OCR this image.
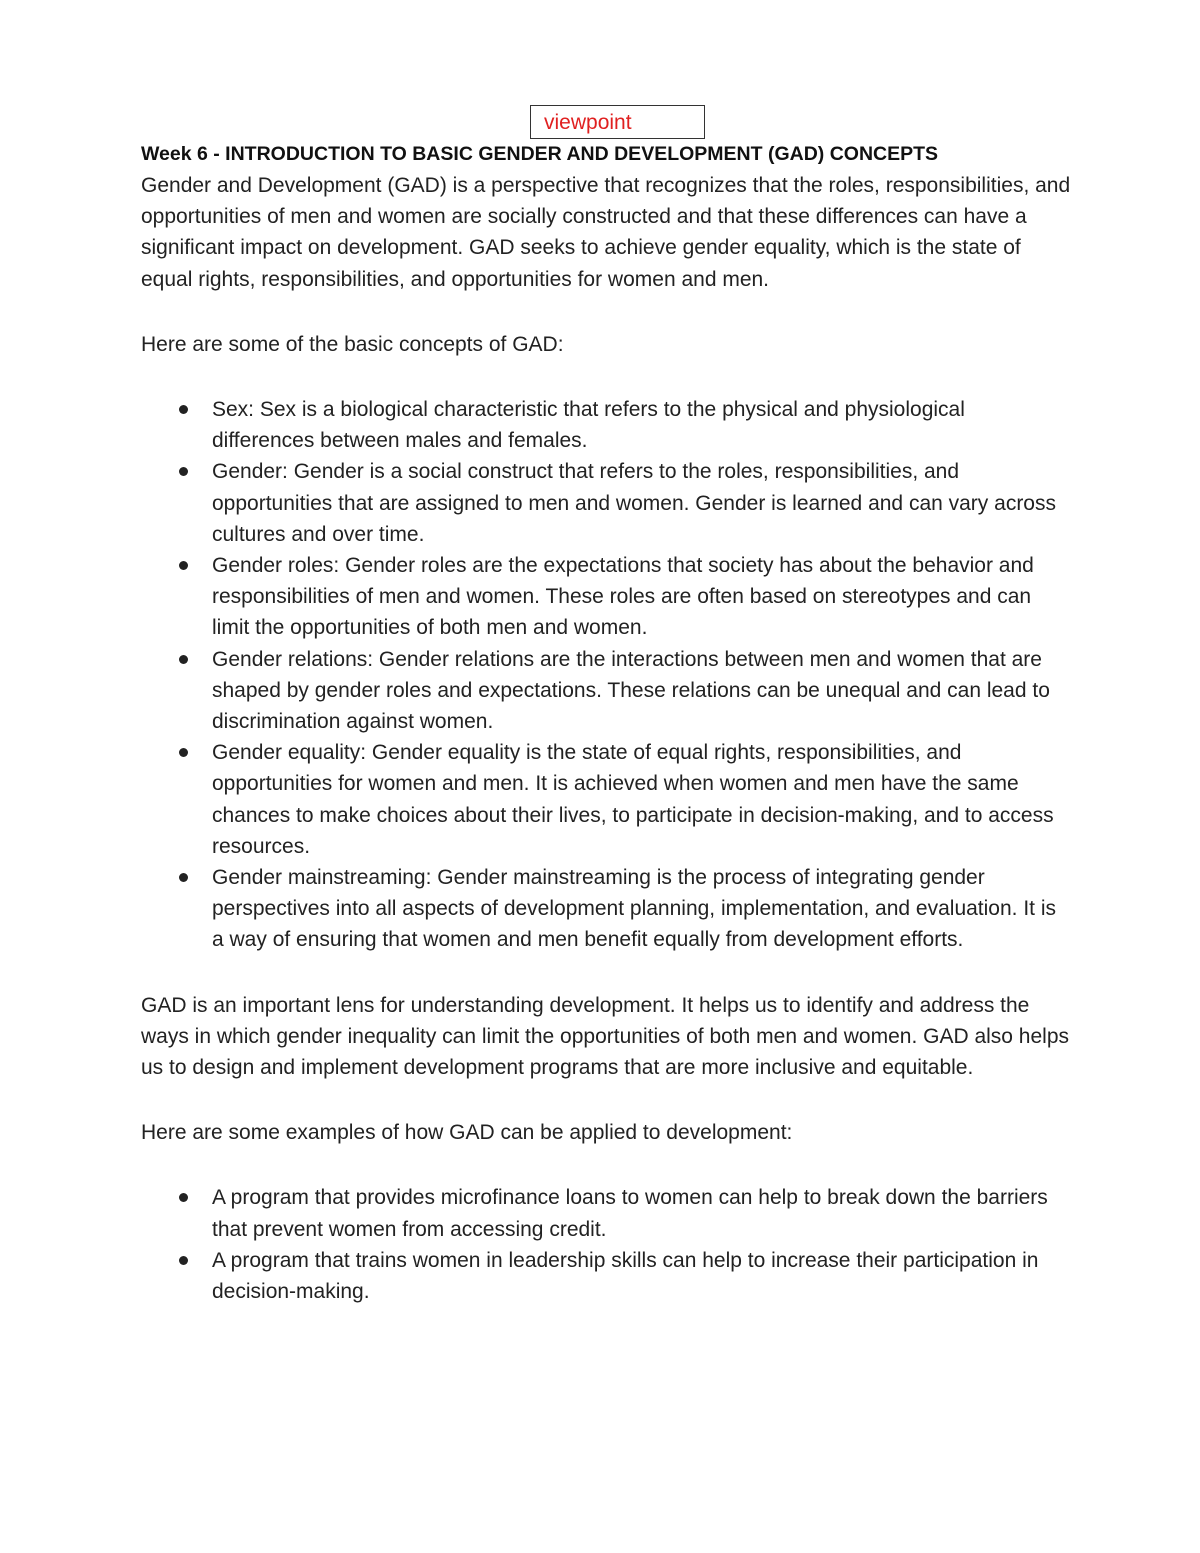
viewpoint

Week 6 - INTRODUCTION TO BASIC GENDER AND DEVELOPMENT (GAD) CONCEPTS

Gender and Development (GAD) is a perspective that recognizes that the roles, responsibilities, and opportunities of men and women are socially constructed and that these differences can have a significant impact on development. GAD seeks to achieve gender equality, which is the state of equal rights, responsibilities, and opportunities for women and men.

Here are some of the basic concepts of GAD:

Sex: Sex is a biological characteristic that refers to the physical and physiological differences between males and females.
Gender: Gender is a social construct that refers to the roles, responsibilities, and opportunities that are assigned to men and women. Gender is learned and can vary across cultures and over time.
Gender roles: Gender roles are the expectations that society has about the behavior and responsibilities of men and women. These roles are often based on stereotypes and can limit the opportunities of both men and women.
Gender relations: Gender relations are the interactions between men and women that are shaped by gender roles and expectations. These relations can be unequal and can lead to discrimination against women.
Gender equality: Gender equality is the state of equal rights, responsibilities, and opportunities for women and men. It is achieved when women and men have the same chances to make choices about their lives, to participate in decision-making, and to access resources.
Gender mainstreaming: Gender mainstreaming is the process of integrating gender perspectives into all aspects of development planning, implementation, and evaluation. It is a way of ensuring that women and men benefit equally from development efforts.

GAD is an important lens for understanding development. It helps us to identify and address the ways in which gender inequality can limit the opportunities of both men and women. GAD also helps us to design and implement development programs that are more inclusive and equitable.

Here are some examples of how GAD can be applied to development:

A program that provides microfinance loans to women can help to break down the barriers that prevent women from accessing credit.
A program that trains women in leadership skills can help to increase their participation in decision-making.
